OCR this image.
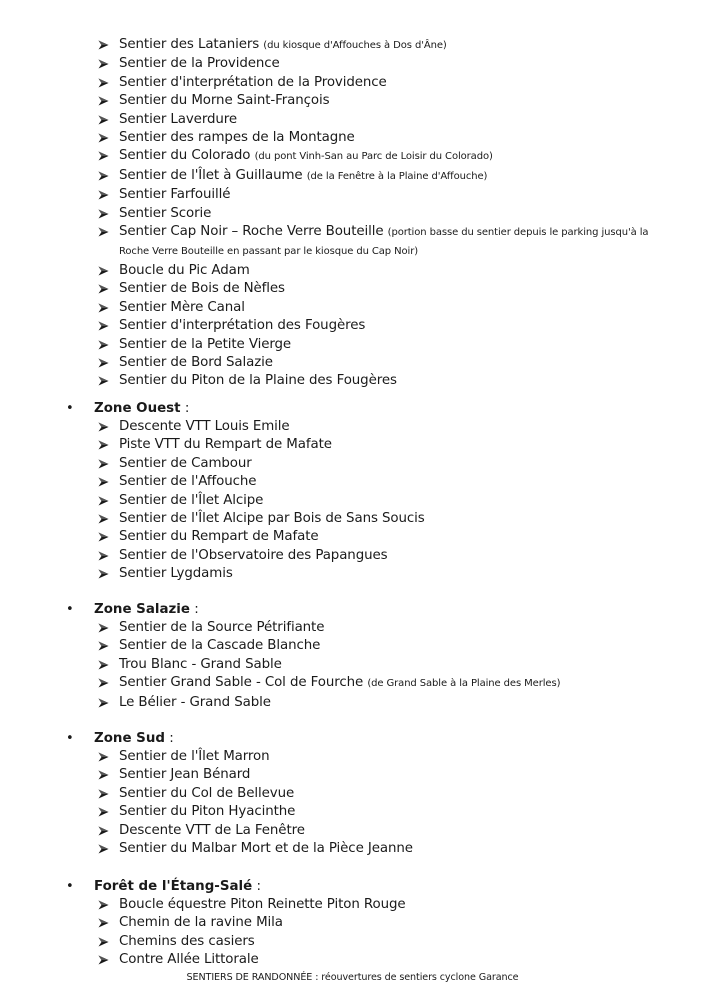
Sentier des Lataniers (du kiosque d'Affouches à Dos d'Âne)
Sentier de la Providence
Sentier d'interprétation de la Providence
Sentier du Morne Saint-François
Sentier Laverdure
Sentier des rampes de la Montagne
Sentier du Colorado (du pont Vinh-San au Parc de Loisir du Colorado)
Sentier de l'Îlet à Guillaume (de la Fenêtre à la Plaine d'Affouche)
Sentier Farfouillé
Sentier Scorie
Sentier Cap Noir – Roche Verre Bouteille (portion basse du sentier depuis le parking jusqu'à la Roche Verre Bouteille en passant par le kiosque du Cap Noir)
Boucle du Pic Adam
Sentier de Bois de Nèfles
Sentier Mère Canal
Sentier d'interprétation des Fougères
Sentier de la Petite Vierge
Sentier de Bord Salazie
Sentier du Piton de la Plaine des Fougères
• Zone Ouest :
Descente VTT Louis Emile
Piste VTT du Rempart de Mafate
Sentier de Cambour
Sentier de l'Affouche
Sentier de l'Îlet Alcipe
Sentier de l'Îlet Alcipe par Bois de Sans Soucis
Sentier du Rempart de Mafate
Sentier de l'Observatoire des Papangues
Sentier Lygdamis
• Zone Salazie :
Sentier de la Source Pétrifiante
Sentier de la Cascade Blanche
Trou Blanc - Grand Sable
Sentier Grand Sable - Col de Fourche (de Grand Sable à la Plaine des Merles)
Le Bélier - Grand Sable
• Zone Sud :
Sentier de l'Îlet Marron
Sentier Jean Bénard
Sentier du Col de Bellevue
Sentier du Piton Hyacinthe
Descente VTT de La Fenêtre
Sentier du Malbar Mort et de la Pièce Jeanne
• Forêt de l'Étang-Salé :
Boucle équestre Piton Reinette Piton Rouge
Chemin de la ravine Mila
Chemins des casiers
Contre Allée Littorale
SENTIERS DE RANDONNÉE : réouvertures de sentiers cyclone Garance
